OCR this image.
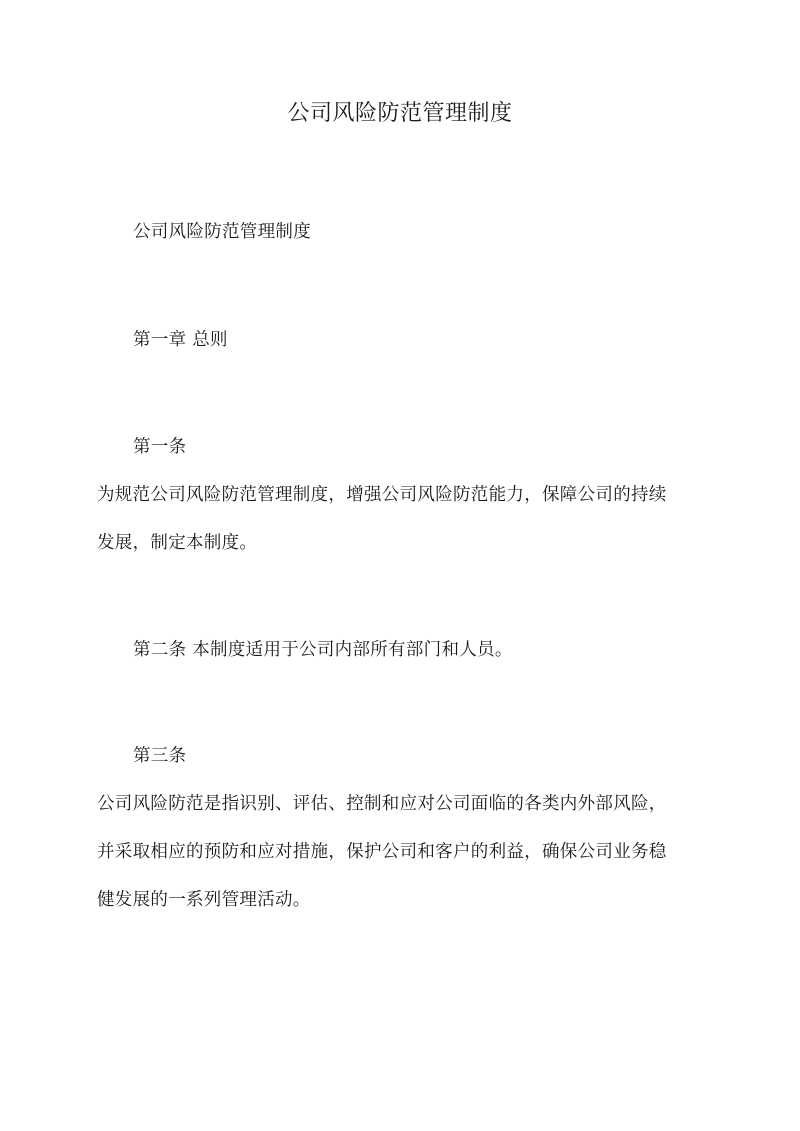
公司风险防范管理制度
公司风险防范管理制度
第一章 总则
第一条
为规范公司风险防范管理制度，增强公司风险防范能力，保障公司的持续
发展，制定本制度。
第二条 本制度适用于公司内部所有部门和人员。
第三条
公司风险防范是指识别、评估、控制和应对公司面临的各类内外部风险，
并采取相应的预防和应对措施，保护公司和客户的利益，确保公司业务稳
健发展的一系列管理活动。
